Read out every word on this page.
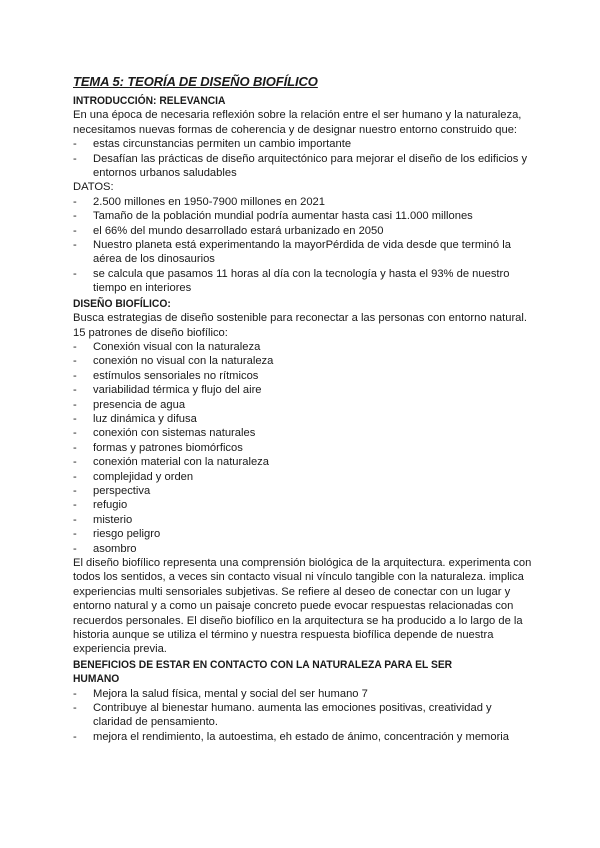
TEMA 5: TEORÍA DE DISEÑO BIOFÍLICO
INTRODUCCIÓN: RELEVANCIA

En una época de necesaria reflexión sobre la relación entre el ser humano y la naturaleza, necesitamos nuevas formas de coherencia y de designar nuestro entorno construido que:

- estas circunstancias permiten un cambio importante
- Desafían las prácticas de diseño arquitectónico para mejorar el diseño de los edificios y entornos urbanos saludables

DATOS:

- 2.500 millones en 1950-7900 millones en 2021
- Tamaño de la población mundial podría aumentar hasta casi 11.000 millones
- el 66% del mundo desarrollado estará urbanizado en 2050
- Nuestro planeta está experimentando la mayorPérdida de vida desde que terminó la aérea de los dinosaurios
- se calcula que pasamos 11 horas al día con la tecnología y hasta el 93% de nuestro tiempo en interiores
DISEÑO BIOFÍLICO:

Busca estrategias de diseño sostenible para reconectar a las personas con entorno natural. 15 patrones de diseño biofílico:

- Conexión visual con la naturaleza
- conexión no visual con la naturaleza
- estímulos sensoriales no rítmicos
- variabilidad térmica y flujo del aire
- presencia de agua
- luz dinámica y difusa
- conexión con sistemas naturales
- formas y patrones biomórficos
- conexión material con la naturaleza
- complejidad y orden
- perspectiva
- refugio
- misterio
- riesgo peligro
- asombro

El diseño biofílico representa una comprensión biológica de la arquitectura. experimenta con todos los sentidos, a veces sin contacto visual ni vínculo tangible con la naturaleza. implica experiencias multi sensoriales subjetivas. Se refiere al deseo de conectar con un lugar y entorno natural y a como un paisaje concreto puede evocar respuestas relacionadas con recuerdos personales. El diseño biofílico en la arquitectura se ha producido a lo largo de la historia aunque se utiliza el término y nuestra respuesta biofílica depende de nuestra experiencia previa.

BENEFICIOS DE ESTAR EN CONTACTO CON LA NATURALEZA PARA EL SER HUMANO
- Mejora la salud física, mental y social del ser humano 7
- Contribuye al bienestar humano. aumenta las emociones positivas, creatividad y claridad de pensamiento.
- mejora el rendimiento, la autoestima, eh estado de ánimo, concentración y memoria
